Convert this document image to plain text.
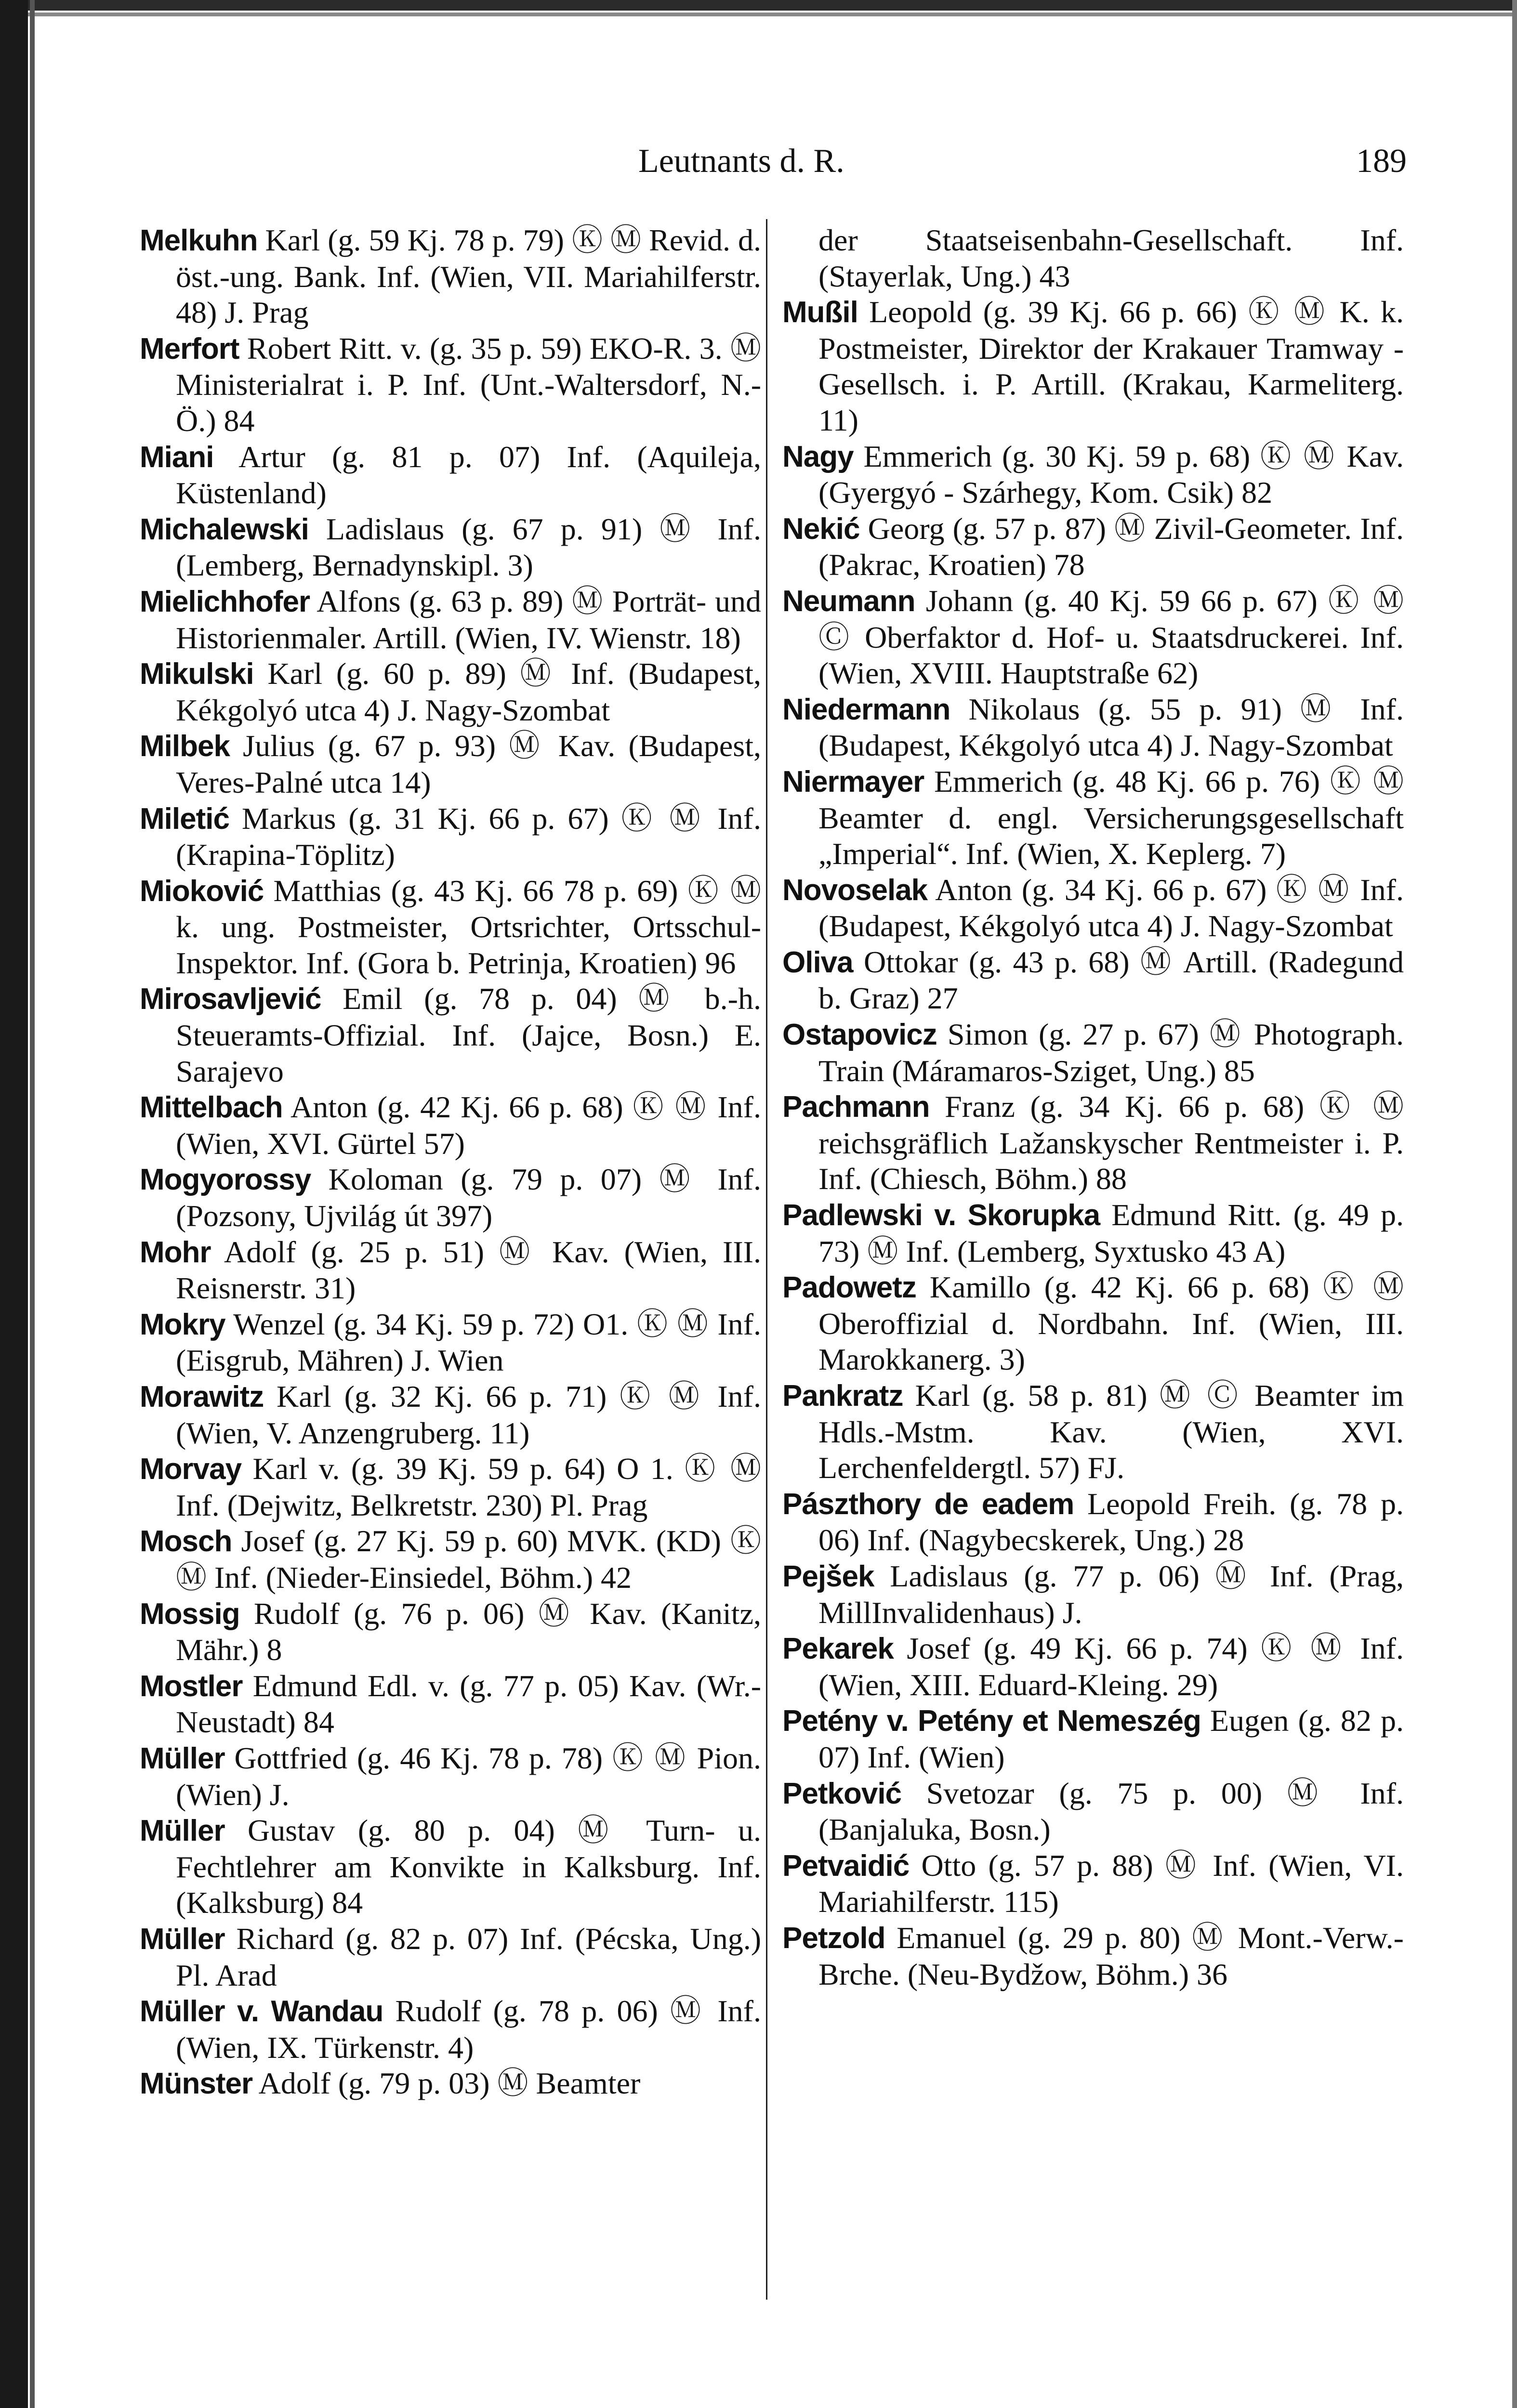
Leutnants d. R.	189

Melkuhn Karl (g. 59 Kj. 78 p. 79) Ⓚ Ⓜ Revid. d. öst.-ung. Bank. Inf. (Wien, VII. Mariahilferstr. 48) J. Prag

Merfort Robert Ritt. v. (g. 35 p. 59) EKO-R. 3. Ⓜ Ministerialrat i. P. Inf. (Unt.-Waltersdorf, N.-Ö.) 84

Miani Artur (g. 81 p. 07) Inf. (Aquileja, Küstenland)

Michalewski Ladislaus (g. 67 p. 91) Ⓜ Inf. (Lemberg, Bernadynskipl. 3)

Mielichhofer Alfons (g. 63 p. 89) Ⓜ Porträt- und Historienmaler. Artill. (Wien, IV. Wienstr. 18)

Mikulski Karl (g. 60 p. 89) Ⓜ Inf. (Budapest, Kékgolyó utca 4) J. Nagy-Szombat

Milbek Julius (g. 67 p. 93) Ⓜ Kav. (Budapest, Veres-Palné utca 14)

Miletić Markus (g. 31 Kj. 66 p. 67) Ⓚ Ⓜ Inf. (Krapina-Töplitz)

Mioković Matthias (g. 43 Kj. 66 78 p. 69) Ⓚ Ⓜ k. ung. Postmeister, Ortsrichter, Ortsschul-Inspektor. Inf. (Gora b. Petrinja, Kroatien) 96

Mirosavljević Emil (g. 78 p. 04) Ⓜ b.-h. Steueramts-Offizial. Inf. (Jajce, Bosn.) E. Sarajevo

Mittelbach Anton (g. 42 Kj. 66 p. 68) Ⓚ Ⓜ Inf. (Wien, XVI. Gürtel 57)

Mogyorossy Koloman (g. 79 p. 07) Ⓜ Inf. (Pozsony, Ujvilág út 397)

Mohr Adolf (g. 25 p. 51) Ⓜ Kav. (Wien, III. Reisnerstr. 31)

Mokry Wenzel (g. 34 Kj. 59 p. 72) O1. Ⓚ Ⓜ Inf. (Eisgrub, Mähren) J. Wien

Morawitz Karl (g. 32 Kj. 66 p. 71) Ⓚ Ⓜ Inf. (Wien, V. Anzengruberg. 11)

Morvay Karl v. (g. 39 Kj. 59 p. 64) O 1. Ⓚ Ⓜ Inf. (Dejwitz, Belkretstr. 230) Pl. Prag

Mosch Josef (g. 27 Kj. 59 p. 60) MVK. (KD) Ⓚ Ⓜ Inf. (Nieder-Einsiedel, Böhm.) 42

Mossig Rudolf (g. 76 p. 06) Ⓜ Kav. (Kanitz, Mähr.) 8

Mostler Edmund Edl. v. (g. 77 p. 05) Kav. (Wr.-Neustadt) 84

Müller Gottfried (g. 46 Kj. 78 p. 78) Ⓚ Ⓜ Pion. (Wien) J.

Müller Gustav (g. 80 p. 04) Ⓜ Turn- u. Fechtlehrer am Konvikte in Kalksburg. Inf. (Kalksburg) 84

Müller Richard (g. 82 p. 07) Inf. (Pécska, Ung.) Pl. Arad

Müller v. Wandau Rudolf (g. 78 p. 06) Ⓜ Inf. (Wien, IX. Türkenstr. 4)

Münster Adolf (g. 79 p. 03) Ⓜ Beamter

der Staatseisenbahn-Gesellschaft. Inf. (Stayerlak, Ung.) 43

Mußil Leopold (g. 39 Kj. 66 p. 66) Ⓚ Ⓜ K. k. Postmeister, Direktor der Krakauer Tramway - Gesellsch. i. P. Artill. (Krakau, Karmeliterg. 11)

Nagy Emmerich (g. 30 Kj. 59 p. 68) Ⓚ Ⓜ Kav. (Gyergyó - Szárhegy, Kom. Csik) 82

Nekić Georg (g. 57 p. 87) Ⓜ Zivil-Geometer. Inf. (Pakrac, Kroatien) 78

Neumann Johann (g. 40 Kj. 59 66 p. 67) Ⓚ Ⓜ Ⓒ Oberfaktor d. Hof- u. Staatsdruckerei. Inf. (Wien, XVIII. Hauptstraße 62)

Niedermann Nikolaus (g. 55 p. 91) Ⓜ Inf. (Budapest, Kékgolyó utca 4) J. Nagy-Szombat

Niermayer Emmerich (g. 48 Kj. 66 p. 76) Ⓚ Ⓜ Beamter d. engl. Versicherungsgesellschaft „Imperial“. Inf. (Wien, X. Keplerg. 7)

Novoselak Anton (g. 34 Kj. 66 p. 67) Ⓚ Ⓜ Inf. (Budapest, Kékgolyó utca 4) J. Nagy-Szombat

Oliva Ottokar (g. 43 p. 68) Ⓜ Artill. (Radegund b. Graz) 27

Ostapovicz Simon (g. 27 p. 67) Ⓜ Photograph. Train (Máramaros-Sziget, Ung.) 85

Pachmann Franz (g. 34 Kj. 66 p. 68) Ⓚ Ⓜ reichsgräflich Lažanskyscher Rentmeister i. P. Inf. (Chiesch, Böhm.) 88

Padlewski v. Skorupka Edmund Ritt. (g. 49 p. 73) Ⓜ Inf. (Lemberg, Syxtusko 43 A)

Padowetz Kamillo (g. 42 Kj. 66 p. 68) Ⓚ Ⓜ Oberoffizial d. Nordbahn. Inf. (Wien, III. Marokkanerg. 3)

Pankratz Karl (g. 58 p. 81) Ⓜ Ⓒ Beamter im Hdls.-Mstm. Kav. (Wien, XVI. Lerchenfeldergtl. 57) FJ.

Pászthory de eadem Leopold Freih. (g. 78 p. 06) Inf. (Nagybecskerek, Ung.) 28

Pejšek Ladislaus (g. 77 p. 06) Ⓜ Inf. (Prag, MillInvalidenhaus) J.

Pekarek Josef (g. 49 Kj. 66 p. 74) Ⓚ Ⓜ Inf. (Wien, XIII. Eduard-Kleing. 29)

Petény v. Petény et Nemeszég Eugen (g. 82 p. 07) Inf. (Wien)

Petković Svetozar (g. 75 p. 00) Ⓜ Inf. (Banjaluka, Bosn.)

Petvaidić Otto (g. 57 p. 88) Ⓜ Inf. (Wien, VI. Mariahilferstr. 115)

Petzold Emanuel (g. 29 p. 80) Ⓜ Mont.-Verw.-Brche. (Neu-Bydžow, Böhm.) 36
